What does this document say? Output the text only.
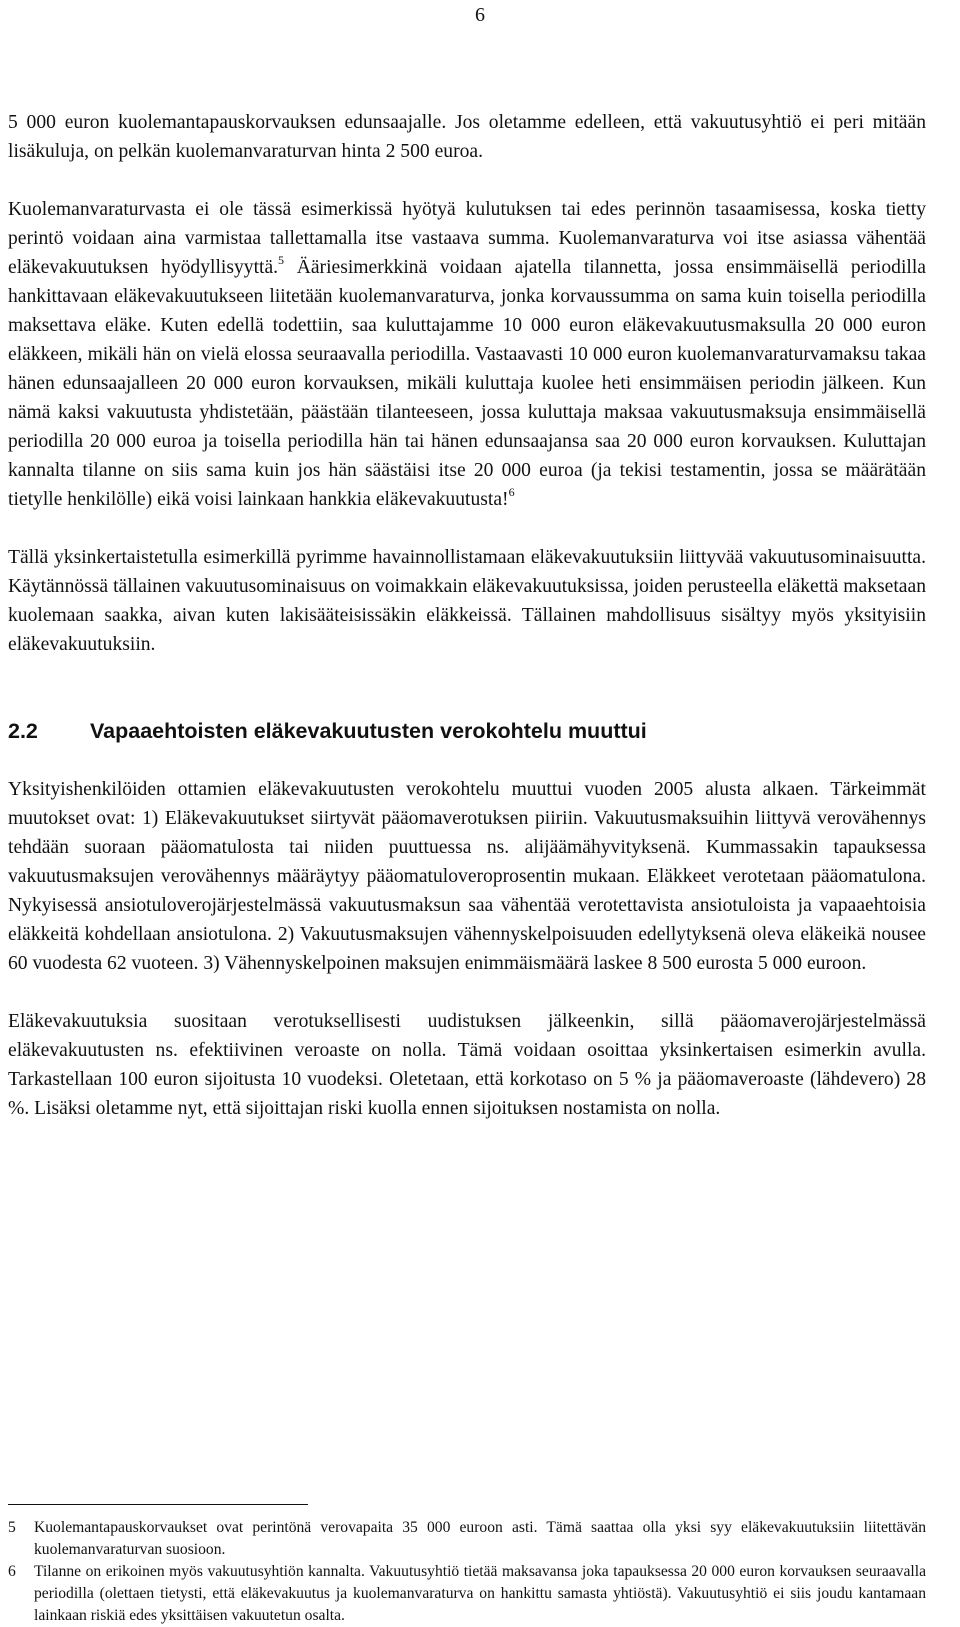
6

5 000 euron kuolemantapauskorvauksen edunsaajalle. Jos oletamme edelleen, että vakuutusyhtiö ei peri mitään lisäkuluja, on pelkän kuolemanvaraturvan hinta 2 500 euroa.

Kuolemanvaraturvasta ei ole tässä esimerkissä hyötyä kulutuksen tai edes perinnön tasaamisessa, koska tietty perintö voidaan aina varmistaa tallettamalla itse vastaava summa. Kuolemanvaraturva voi itse asiassa vähentää eläkevakuutuksen hyödyllisyyttä.$^5$ Ääriesimerkkinä voidaan ajatella tilannetta, jossa ensimmäisellä periodilla hankittavaan eläkevakuutukseen liitetään kuolemanvaraturva, jonka korvaussumma on sama kuin toisella periodilla maksettava eläke. Kuten edellä todettiin, saa kuluttajamme 10 000 euron eläkevakuutusmaksulla 20 000 euron eläkkeen, mikäli hän on vielä elossa seuraavalla periodilla. Vastaavasti 10 000 euron kuolemanvaraturvamaksu takaa hänen edunsaajalleen 20 000 euron korvauksen, mikäli kuluttaja kuolee heti ensimmäisen periodin jälkeen. Kun nämä kaksi vakuutusta yhdistetään, päästään tilanteeseen, jossa kuluttaja maksaa vakuutusmaksuja ensimmäisellä periodilla 20 000 euroa ja toisella periodilla hän tai hänen edunsaajansa saa 20 000 euron korvauksen. Kuluttajan kannalta tilanne on siis sama kuin jos hän säästäisi itse 20 000 euroa (ja tekisi testamentin, jossa se määrätään tietylle henkilölle) eikä voisi lainkaan hankkia eläkevakuutusta!$^6$

Tällä yksinkertaistetulla esimerkillä pyrimme havainnollistamaan eläkevakuutuksiin liittyvää vakuutusominaisuutta. Käytännössä tällainen vakuutusominaisuus on voimakkain eläkevakuutuksissa, joiden perusteella eläkettä maksetaan kuolemaan saakka, aivan kuten lakisääteisissäkin eläkkeissä. Tällainen mahdollisuus sisältyy myös yksityisiin eläkevakuutuksiin.

2.2	Vapaaehtoisten eläkevakuutusten verokohtelu muuttui

Yksityishenkilöiden ottamien eläkevakuutusten verokohtelu muuttui vuoden 2005 alusta alkaen. Tärkeimmät muutokset ovat: 1) Eläkevakuutukset siirtyvät pääomaverotuksen piiriin. Vakuutusmaksuihin liittyvä verovähennys tehdään suoraan pääomatulosta tai niiden puuttuessa ns. alijäämähyvityksenä. Kummassakin tapauksessa vakuutusmaksujen verovähennys määräytyy pääomatuloveroprosentin mukaan. Eläkkeet verotetaan pääomatulona. Nykyisessä ansiotuloverojärjestelmässä vakuutusmaksun saa vähentää verotettavista ansiotuloista ja vapaaehtoisia eläkkeitä kohdellaan ansiotulona. 2) Vakuutusmaksujen vähennyskelpoisuuden edellytyksenä oleva eläkeikä nousee 60 vuodesta 62 vuoteen. 3) Vähennyskelpoinen maksujen enimmäismäärä laskee 8 500 eurosta 5 000 euroon.

Eläkevakuutuksia suositaan verotuksellisesti uudistuksen jälkeenkin, sillä pääomaverojärjestelmässä eläkevakuutusten ns. efektiivinen veroaste on nolla. Tämä voidaan osoittaa yksinkertaisen esimerkin avulla. Tarkastellaan 100 euron sijoitusta 10 vuodeksi. Oletetaan, että korkotaso on 5 % ja pääomaveroaste (lähdevero) 28 %. Lisäksi oletamme nyt, että sijoittajan riski kuolla ennen sijoituksen nostamista on nolla.

5	Kuolemantapauskorvaukset ovat perintönä verovapaita 35 000 euroon asti. Tämä saattaa olla yksi syy eläkevakuutuksiin liitettävän kuolemanvaraturvan suosioon.
6	Tilanne on erikoinen myös vakuutusyhtiön kannalta. Vakuutusyhtiö tietää maksavansa joka tapauksessa 20 000 euron korvauksen seuraavalla periodilla (olettaen tietysti, että eläkevakuutus ja kuolemanvaraturva on hankittu samasta yhtiöstä). Vakuutusyhtiö ei siis joudu kantamaan lainkaan riskiä edes yksittäisen vakuutetun osalta.
